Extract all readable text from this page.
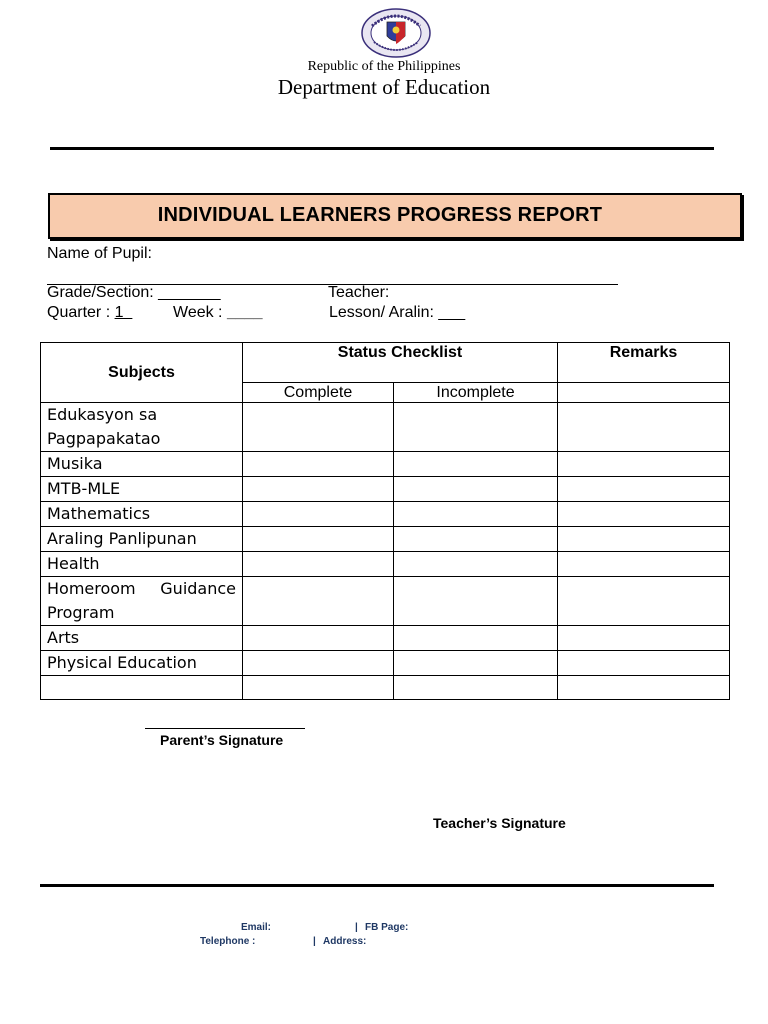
Republic of the Philippines
Department of Education
INDIVIDUAL LEARNERS PROGRESS REPORT
Name of Pupil:
Grade/Section: _______	Teacher:
Quarter : 1	Week : ____	Lesson/ Aralin: ___
Subjects	Status Checklist		Remarks
	Complete	Incomplete	
Edukasyon sa Pagpapakatao			
Musika			
MTB-MLE			
Mathematics			
Araling Panlipunan			
Health			
Homeroom Guidance Program			
Arts			
Physical Education			

Parent’s Signature
Teacher’s Signature
Email:	| FB Page:
Telephone :	| Address:
